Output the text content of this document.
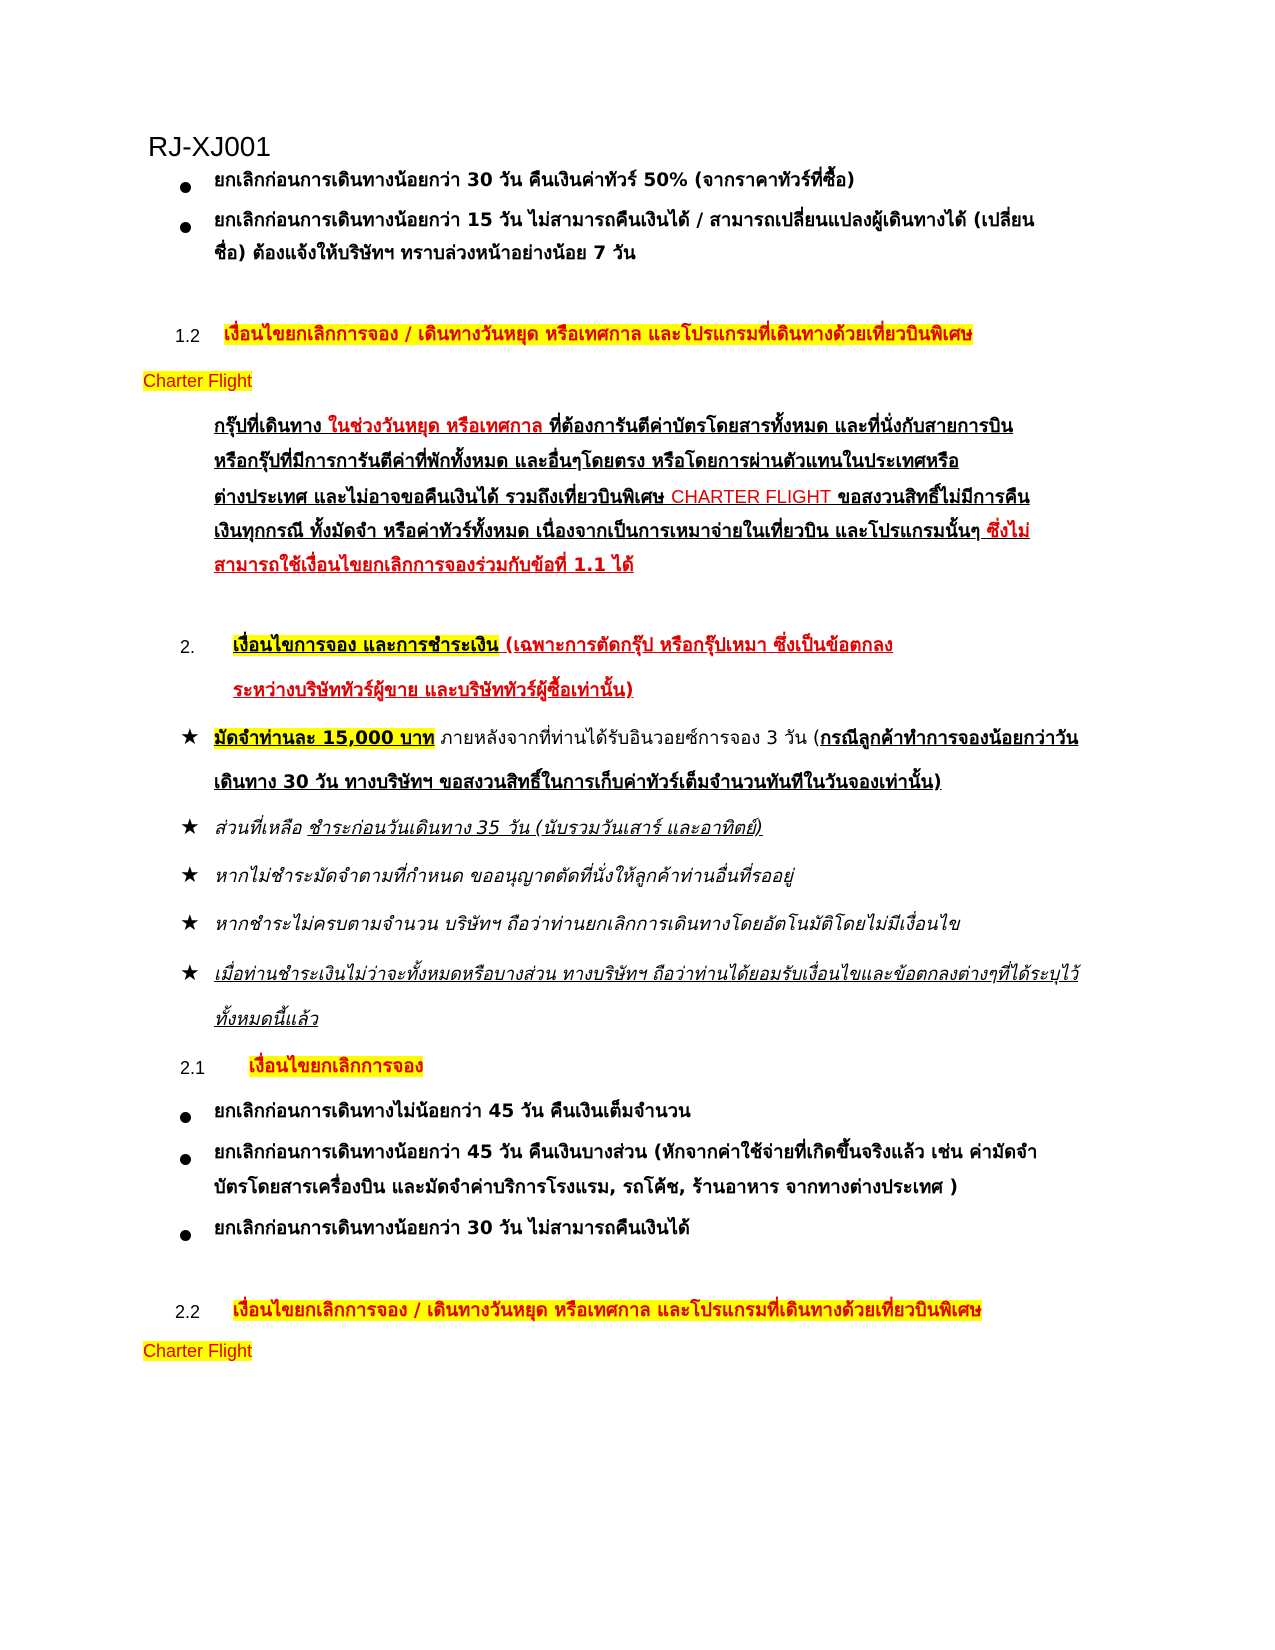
RJ-XJ001
ยกเลิกก่อนการเดินทางน้อยกว่า 30 วัน คืนเงินค่าทัวร์ 50% (จากราคาทัวร์ที่ซื้อ)
ยกเลิกก่อนการเดินทางน้อยกว่า 15 วัน ไม่สามารถคืนเงินได้ / สามารถเปลี่ยนแปลงผู้เดินทางได้ (เปลี่ยน
ชื่อ) ต้องแจ้งให้บริษัทฯ ทราบล่วงหน้าอย่างน้อย 7 วัน
1.2 เงื่อนไขยกเลิกการจอง / เดินทางวันหยุด หรือเทศกาล และโปรแกรมที่เดินทางด้วยเที่ยวบินพิเศษ
Charter Flight
กรุ๊ปที่เดินทาง ในช่วงวันหยุด หรือเทศกาล ที่ต้องการันตีค่าบัตรโดยสารทั้งหมด และที่นั่งกับสายการบิน
หรือกรุ๊ปที่มีการการันตีค่าที่พักทั้งหมด และอื่นๆโดยตรง หรือโดยการผ่านตัวแทนในประเทศหรือ
ต่างประเทศ และไม่อาจขอคืนเงินได้ รวมถึงเที่ยวบินพิเศษ CHARTER FLIGHT ขอสงวนสิทธิ์ไม่มีการคืน
เงินทุกกรณี ทั้งมัดจำ หรือค่าทัวร์ทั้งหมด เนื่องจากเป็นการเหมาจ่ายในเที่ยวบิน และโปรแกรมนั้นๆ ซึ่งไม่
สามารถใช้เงื่อนไขยกเลิกการจองร่วมกับข้อที่ 1.1 ได้
2. เงื่อนไขการจอง และการชำระเงิน (เฉพาะการตัดกรุ๊ป หรือกรุ๊ปเหมา ซึ่งเป็นข้อตกลง
ระหว่างบริษัททัวร์ผู้ขาย และบริษัททัวร์ผู้ซื้อเท่านั้น)
★ มัดจำท่านละ 15,000 บาท ภายหลังจากที่ท่านได้รับอินวอยซ์การจอง 3 วัน (กรณีลูกค้าทำการจองน้อยกว่าวัน
เดินทาง 30 วัน ทางบริษัทฯ ขอสงวนสิทธิ์ในการเก็บค่าทัวร์เต็มจำนวนทันทีในวันจองเท่านั้น)
★ ส่วนที่เหลือ ชำระก่อนวันเดินทาง 35 วัน (นับรวมวันเสาร์ และอาทิตย์)
★ หากไม่ชำระมัดจำตามที่กำหนด ขออนุญาตตัดที่นั่งให้ลูกค้าท่านอื่นที่รออยู่
★ หากชำระไม่ครบตามจำนวน บริษัทฯ ถือว่าท่านยกเลิกการเดินทางโดยอัตโนมัติโดยไม่มีเงื่อนไข
★ เมื่อท่านชำระเงินไม่ว่าจะทั้งหมดหรือบางส่วน ทางบริษัทฯ ถือว่าท่านได้ยอมรับเงื่อนไขและข้อตกลงต่างๆที่ได้ระบุไว้
ทั้งหมดนี้แล้ว
2.1 เงื่อนไขยกเลิกการจอง
ยกเลิกก่อนการเดินทางไม่น้อยกว่า 45 วัน คืนเงินเต็มจำนวน
ยกเลิกก่อนการเดินทางน้อยกว่า 45 วัน คืนเงินบางส่วน (หักจากค่าใช้จ่ายที่เกิดขึ้นจริงแล้ว เช่น ค่ามัดจำ
บัตรโดยสารเครื่องบิน และมัดจำค่าบริการโรงแรม, รถโค้ช, ร้านอาหาร จากทางต่างประเทศ )
ยกเลิกก่อนการเดินทางน้อยกว่า 30 วัน ไม่สามารถคืนเงินได้
2.2 เงื่อนไขยกเลิกการจอง / เดินทางวันหยุด หรือเทศกาล และโปรแกรมที่เดินทางด้วยเที่ยวบินพิเศษ
Charter Flight
